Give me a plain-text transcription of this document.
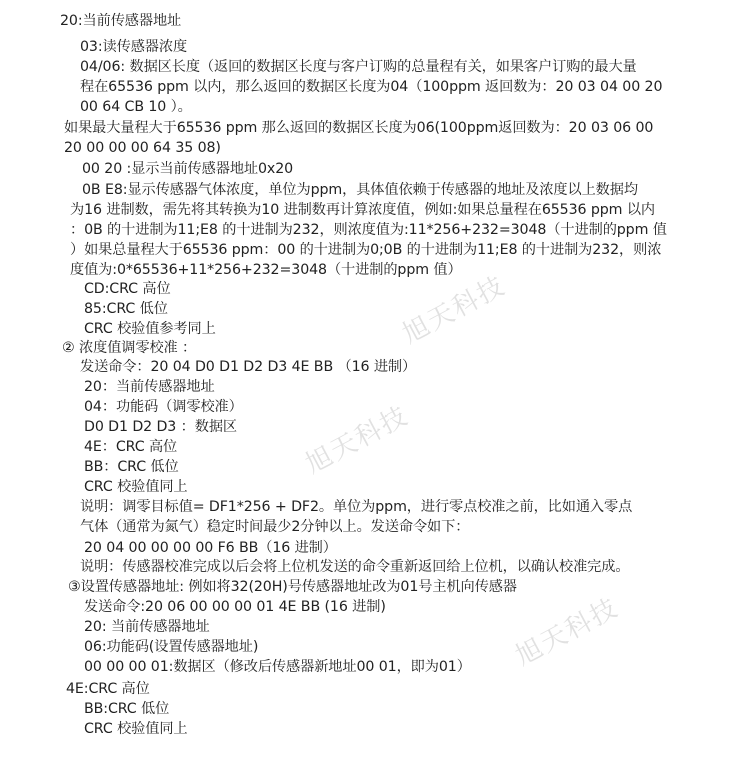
旭天科技
旭天科技
旭天科技
20:当前传感器地址
03:读传感器浓度
04/06: 数据区长度（返回的数据区长度与客户订购的总量程有关，如果客户订购的最大量
程在65536 ppm 以内，那么返回的数据区长度为04（100ppm 返回数为：20 03 04 00 20
00 64 CB 10 ）。
如果最大量程大于65536 ppm 那么返回的数据区长度为06(100ppm返回数为：20 03 06 00
20 00 00 00 64 35 08)
00 20 :显示当前传感器地址0x20
0B E8:显示传感器气体浓度，单位为ppm，具体值依赖于传感器的地址及浓度以上数据均
为16 进制数，需先将其转换为10 进制数再计算浓度值，例如:如果总量程在65536 ppm 以内
：0B 的十进制为11;E8 的十进制为232，则浓度值为:11*256+232=3048（十进制的ppm 值
）如果总量程大于65536 ppm：00 的十进制为0;0B 的十进制为11;E8 的十进制为232，则浓
度值为:0*65536+11*256+232=3048（十进制的ppm 值）
CD:CRC 高位
85:CRC 低位
CRC 校验值参考同上
② 浓度值调零校准 ：
发送命令：20 04 D0 D1 D2 D3 4E BB （16 进制）
20：当前传感器地址
04：功能码（调零校准）
D0 D1 D2 D3 ：数据区
4E：CRC 高位
BB：CRC 低位
CRC 校验值同上
说明：调零目标值= DF1*256 + DF2。单位为ppm，进行零点校准之前，比如通入零点
气体（通常为氮气）稳定时间最少2分钟以上。发送命令如下：
20 04 00 00 00 00 F6 BB（16 进制）
说明：传感器校准完成以后会将上位机发送的命令重新返回给上位机，以确认校准完成。
③设置传感器地址: 例如将32(20H)号传感器地址改为01号主机向传感器
发送命令:20 06 00 00 00 01 4E BB (16 进制)
20: 当前传感器地址
06:功能码(设置传感器地址)
00 00 00 01:数据区（修改后传感器新地址00 01，即为01）
4E:CRC 高位
BB:CRC 低位
CRC 校验值同上
